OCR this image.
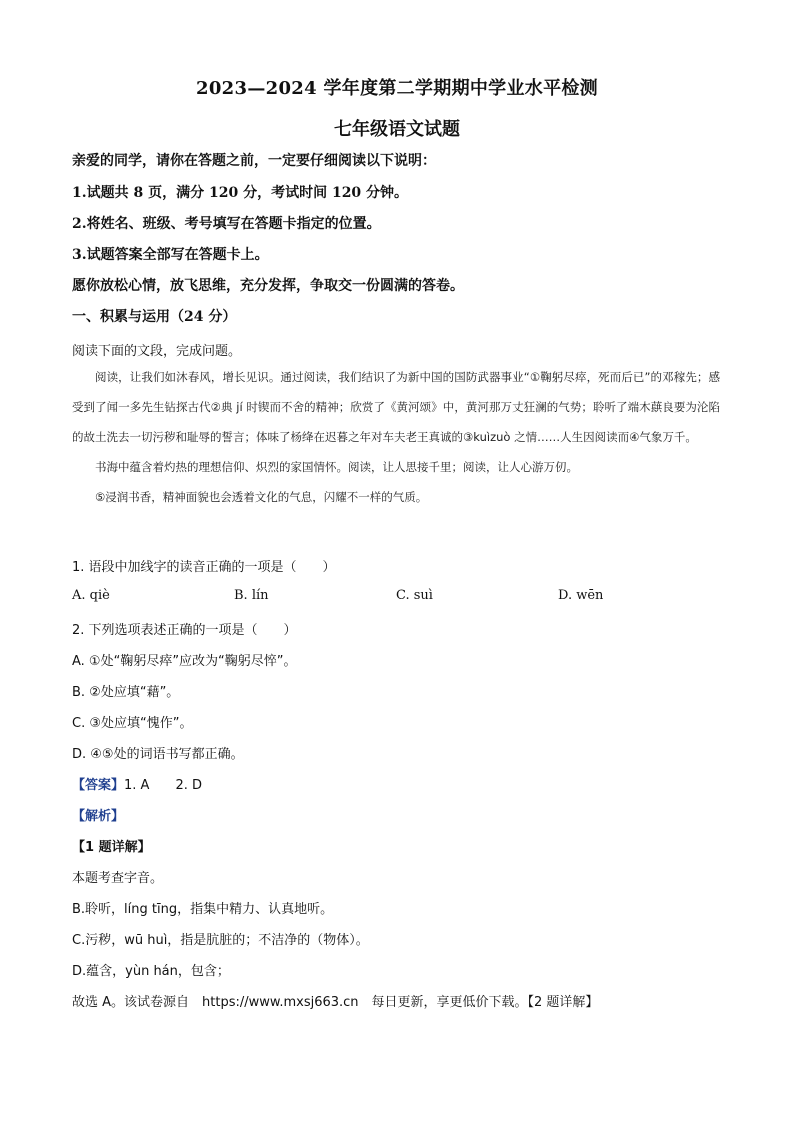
2023—2024 学年度第二学期期中学业水平检测
七年级语文试题
亲爱的同学，请你在答题之前，一定要仔细阅读以下说明：
1.试题共 8 页，满分 120 分，考试时间 120 分钟。
2.将姓名、班级、考号填写在答题卡指定的位置。
3.试题答案全部写在答题卡上。
愿你放松心情，放飞思维，充分发挥，争取交一份圆满的答卷。
一、积累与运用（24 分）
阅读下面的文段，完成问题。

阅读，让我们如沐春风，增长见识。通过阅读，我们结识了为新中国的国防武器事业“①鞠躬尽瘁，死而后已”的邓稼先；感受到了闻一多先生钻探古代②典 jí 时锲而不舍的精神；欣赏了《黄河颂》中，黄河那万丈狂澜的气势；聆听了端木蕻良要为沦陷的故土洗去一切污秽和耻辱的誓言；体味了杨绛在迟暮之年对车夫老王真诚的③kuìzuò 之情……人生因阅读而④气象万千。

书海中蕴含着灼热的理想信仰、炽烈的家国情怀。阅读，让人思接千里；阅读，让人心游万仞。

⑤浸润书香，精神面貌也会透着文化的气息，闪耀不一样的气质。

1. 语段中加线字的读音正确的一项是（　　）
A. qiè	B. lín	C. suì	D. wēn
2. 下列选项表述正确的一项是（　　）
A. ①处“鞠躬尽瘁”应改为“鞠躬尽悴”。
B. ②处应填“藉”。
C. ③处应填“愧作”。
D. ④⑤处的词语书写都正确。
【答案】1. A　　2. D
【解析】
【1 题详解】
本题考查字音。
B.聆听，líng tīng，指集中精力、认真地听。
C.污秽，wū huì，指是肮脏的；不洁净的（物体）。
D.蕴含，yùn hán，包含；
故选 A。该试卷源自　https://www.mxsj663.cn　每日更新，享更低价下载。【2 题详解】
